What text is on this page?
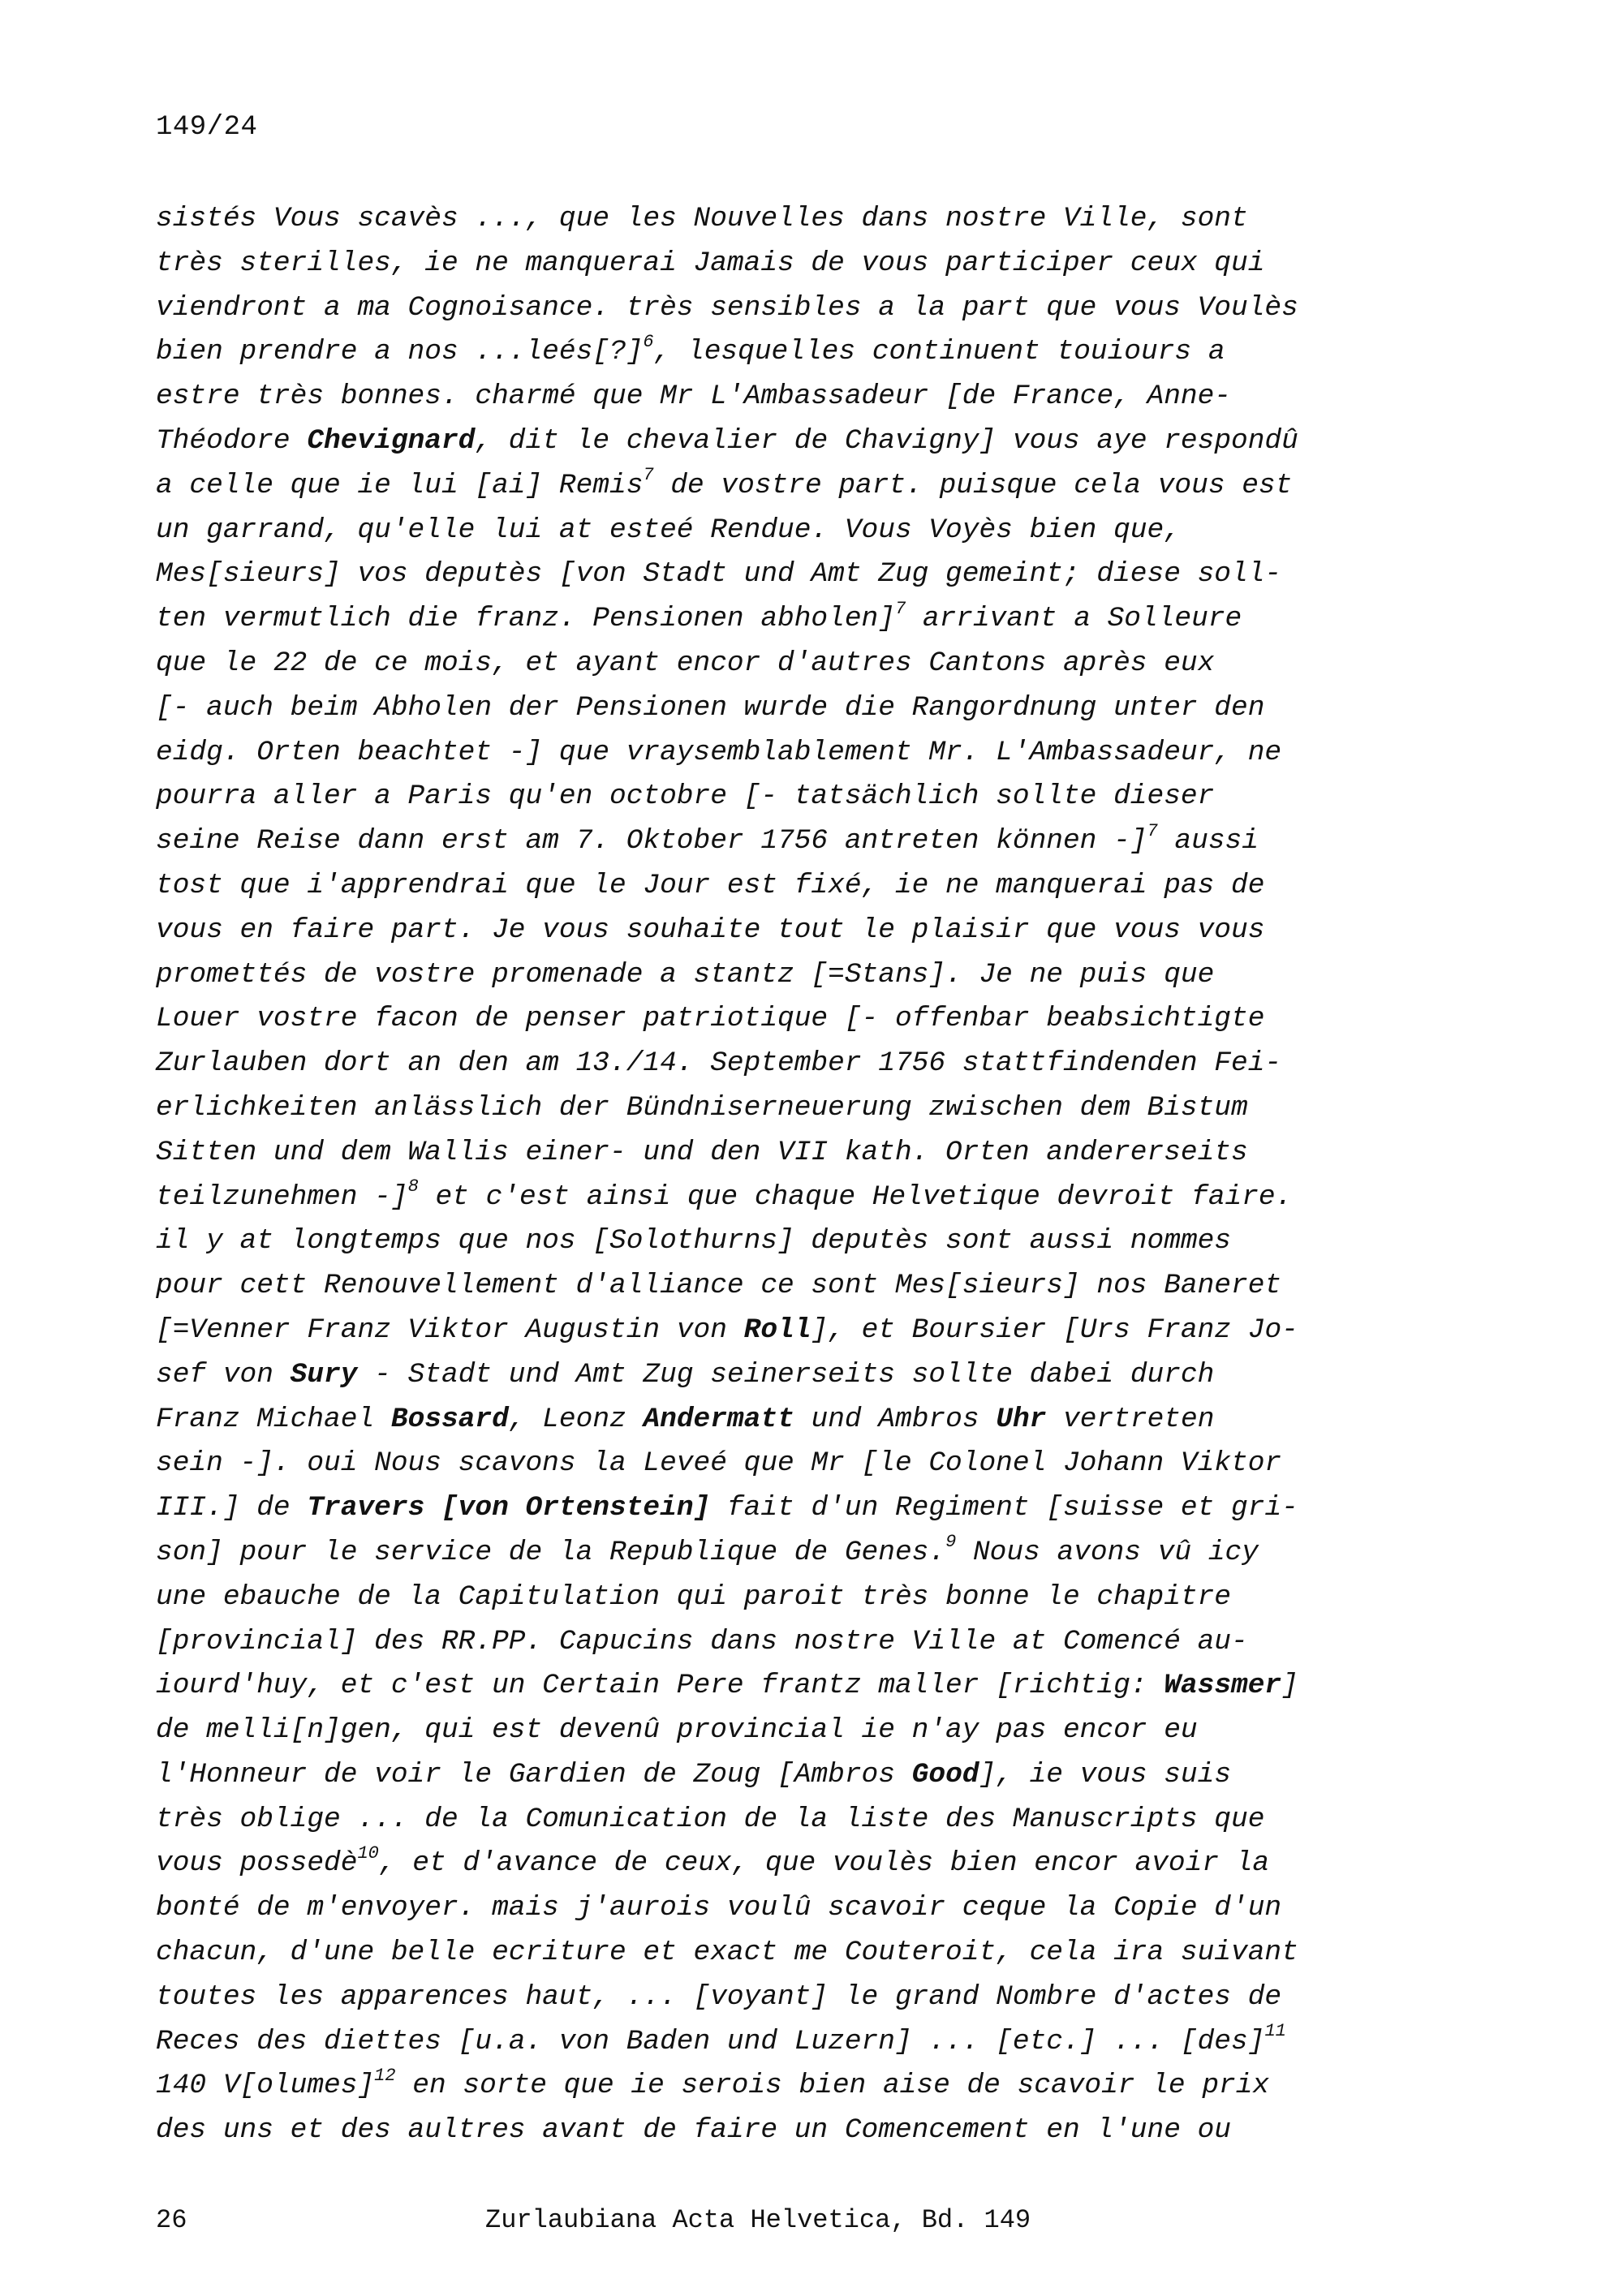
149/24
sistés Vous scavès ..., que les Nouvelles dans nostre Ville, sont
très sterilles, ie ne manquerai Jamais de vous participer ceux qui
viendront a ma Cognoisance. très sensibles a la part que vous Voulès
bien prendre a nos ...leés[?]$^6$, lesquelles continuent touiours a
estre très bonnes. charmé que Mr L'Ambassadeur [de France, Anne-
Théodore Chevignard, dit le chevalier de Chavigny] vous aye respondû
a celle que ie lui [ai] Remis$^7$ de vostre part. puisque cela vous est
un garrand, qu'elle lui at esteé Rendue. Vous Voyès bien que,
Mes[sieurs] vos deputès [von Stadt und Amt Zug gemeint; diese soll-
ten vermutlich die franz. Pensionen abholen]$^7$ arrivant a Solleure
que le 22 de ce mois, et ayant encor d'autres Cantons après eux
[- auch beim Abholen der Pensionen wurde die Rangordnung unter den
eidg. Orten beachtet -] que vraysemblablement Mr. L'Ambassadeur, ne
pourra aller a Paris qu'en octobre [- tatsächlich sollte dieser
seine Reise dann erst am 7. Oktober 1756 antreten können -]$^7$ aussi
tost que i'apprendrai que le Jour est fixé, ie ne manquerai pas de
vous en faire part. Je vous souhaite tout le plaisir que vous vous
promettés de vostre promenade a stantz [=Stans]. Je ne puis que
Louer vostre facon de penser patriotique [- offenbar beabsichtigte
Zurlauben dort an den am 13./14. September 1756 stattfindenden Fei-
erlichkeiten anlässlich der Bündniserneuerung zwischen dem Bistum
Sitten und dem Wallis einer- und den VII kath. Orten andererseits
teilzunehmen -]$^8$ et c'est ainsi que chaque Helvetique devroit faire.
il y at longtemps que nos [Solothurns] deputès sont aussi nommes
pour cett Renouvellement d'alliance ce sont Mes[sieurs] nos Baneret
[=Venner Franz Viktor Augustin von Roll], et Boursier [Urs Franz Jo-
sef von Sury - Stadt und Amt Zug seinerseits sollte dabei durch
Franz Michael Bossard, Leonz Andermatt und Ambros Uhr vertreten
sein -]. oui Nous scavons la Leveé que Mr [le Colonel Johann Viktor
III.] de Travers [von Ortenstein] fait d'un Regiment [suisse et gri-
son] pour le service de la Republique de Genes.$^9$ Nous avons vû icy
une ebauche de la Capitulation qui paroit très bonne le chapitre
[provincial] des RR.PP. Capucins dans nostre Ville at Comencé au-
iourd'huy, et c'est un Certain Pere frantz maller [richtig: Wassmer]
de melli[n]gen, qui est devenû provincial ie n'ay pas encor eu
l'Honneur de voir le Gardien de Zoug [Ambros Good], ie vous suis
très oblige ... de la Comunication de la liste des Manuscripts que
vous possedè$^{10}$, et d'avance de ceux, que voulès bien encor avoir la
bonté de m'envoyer. mais j'aurois voulû scavoir ceque la Copie d'un
chacun, d'une belle ecriture et exact me Couteroit, cela ira suivant
toutes les apparences haut, ... [voyant] le grand Nombre d'actes de
Reces des diettes [u.a. von Baden und Luzern] ... [etc.] ... [des]$^{11}$
140 V[olumes]$^{12}$ en sorte que ie serois bien aise de scavoir le prix
des uns et des aultres avant de faire un Comencement en l'une ou
26	Zurlaubiana Acta Helvetica, Bd. 149
